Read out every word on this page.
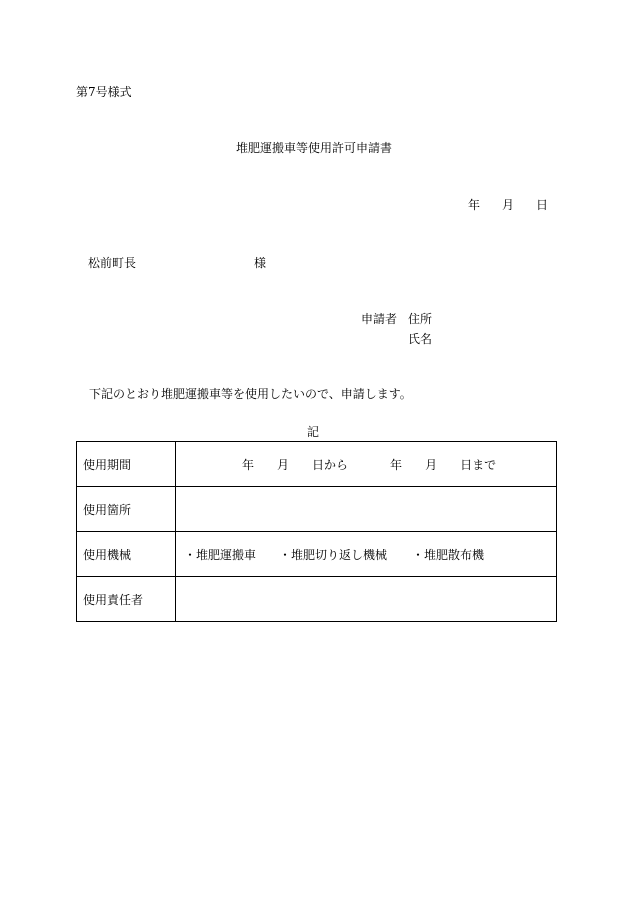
第7号様式
堆肥運搬車等使用許可申請書
年 月 日
松前町長	様
申請者 住所
氏名
下記のとおり堆肥運搬車等を使用したいので、申請します。
記
使用期間	年 月 日から 年 月 日まで
使用箇所	
使用機械	・堆肥運搬車 ・堆肥切り返し機械 ・堆肥散布機
使用責任者	
